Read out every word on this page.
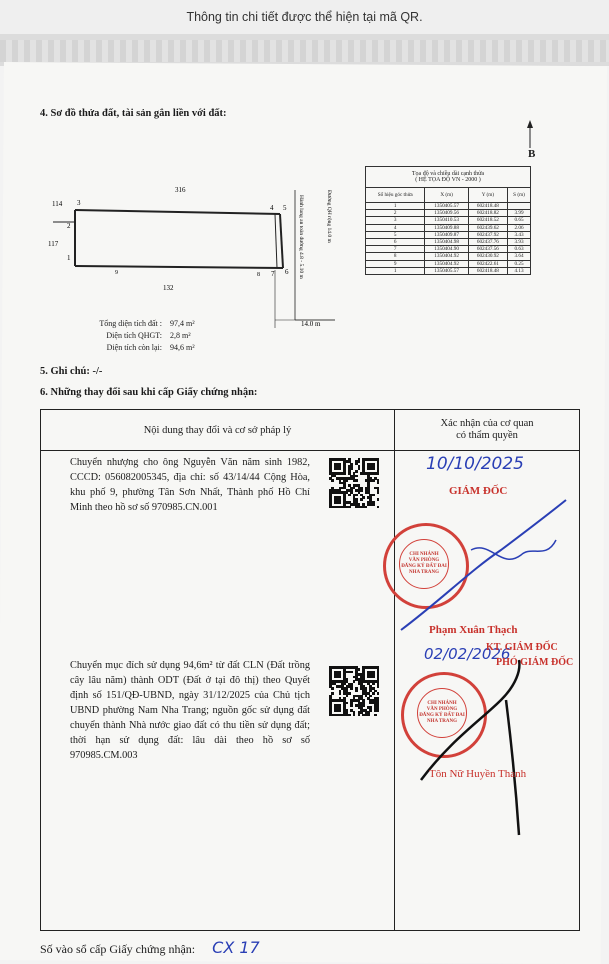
Thông tin chi tiết được thể hiện tại mã QR.
4. Sơ đồ thửa đất, tài sản gắn liền với đất:
B
114
117
316
132
3
2
1
9
4 5
6
7
8
14.0 m
Đường QH rộng 14.0 m
Hành lang an toàn đường 4.8 - 5.10 m
Tọa độ và chiều dài cạnh thửa
( HỆ TỌA ĐỘ VN - 2000 )			

Số hiệu góc thửa	X (m)	Y (m)	S (m)
1	1350405.57	602418.48	
2	1350409.56	602418.82	3.99
3	1350410.53	602418.52	0.65
4	1350409.88	602439.62	2.06
5	1350409.87	602437.92	3.43
6	1350404.98	602437.76	3.93
7	1350404.90	602437.56	0.63
8	1350404.92	602430.92	3.64
9	1350404.92	602422.61	0.25
1	1350405.57	602418.48	4.13
Tổng diện tích đất : 97,4 m²
Diện tích QHGT: 2,8 m²
Diện tích còn lại: 94,6 m²
5. Ghi chú: -/-
6. Những thay đổi sau khi cấp Giấy chứng nhận:
Nội dung thay đổi và cơ sở pháp lý
Xác nhận của cơ quan
có thẩm quyền
Chuyển nhượng cho ông Nguyễn Văn năm sinh 1982, CCCD: 056082005345, địa chỉ: số 43/14/44 Cộng Hòa, khu phố 9, phường Tân Sơn Nhất, Thành phố Hồ Chí Minh theo hồ sơ số 970985.CN.001
Chuyển mục đích sử dụng 94,6m² từ đất CLN (Đất trồng cây lâu năm) thành ODT (Đất ở tại đô thị) theo Quyết định số 151/QĐ-UBND, ngày 31/12/2025 của Chủ tịch UBND phường Nam Nha Trang; nguồn gốc sử dụng đất chuyển thành Nhà nước giao đất có thu tiền sử dụng đất; thời hạn sử dụng đất: lâu dài theo hồ sơ số 970985.CM.003
10/10/2025
GIÁM ĐỐC
CHI NHÁNH
VĂN PHÒNG
ĐĂNG KÝ ĐẤT ĐAI
NHA TRANG
Phạm Xuân Thạch
02/02/2026
KT. GIÁM ĐỐC
PHÓ GIÁM ĐỐC
CHI NHÁNH
VĂN PHÒNG
ĐĂNG KÝ ĐẤT ĐAI
NHA TRANG
Tôn Nữ Huyền Thanh
Số vào sổ cấp Giấy chứng nhận: CX 17
